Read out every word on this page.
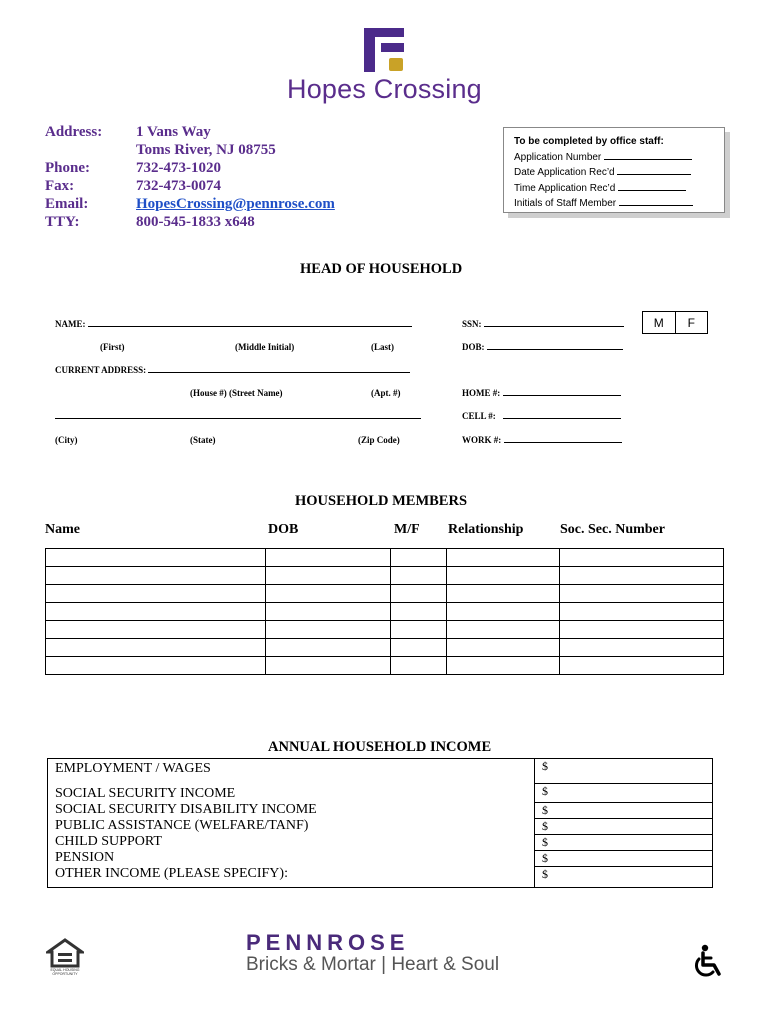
Hopes Crossing
Address: 1 Vans Way
Toms River, NJ 08755
Phone:	732-473-1020
Fax:	732-473-0074
Email:	HopesCrossing@pennrose.com
TTY:	800-545-1833 x648
To be completed by office staff:
Application Number
Date Application Rec’d
Time Application Rec’d
Initials of Staff Member
HEAD OF HOUSEHOLD
NAME:
(First)	(Middle Initial)	(Last)
SSN:
DOB:
M	F
CURRENT ADDRESS:
(House #) (Street Name)	(Apt. #)	HOME #:
CELL #:
(City)	(State)	(Zip Code)	WORK #:
HOUSEHOLD MEMBERS
Name	DOB	M/F Relationship	Soc. Sec. Number

ANNUAL HOUSEHOLD INCOME
EMPLOYMENT / WAGES	$
SOCIAL SECURITY INCOME	$
SOCIAL SECURITY DISABILITY INCOME	$
PUBLIC ASSISTANCE (WELFARE/TANF)	$
CHILD SUPPORT	$
PENSION	$
OTHER INCOME (PLEASE SPECIFY):	$
EQUAL HOUSING OPPORTUNITY
PENNROSE
Bricks & Mortar | Heart & Soul
